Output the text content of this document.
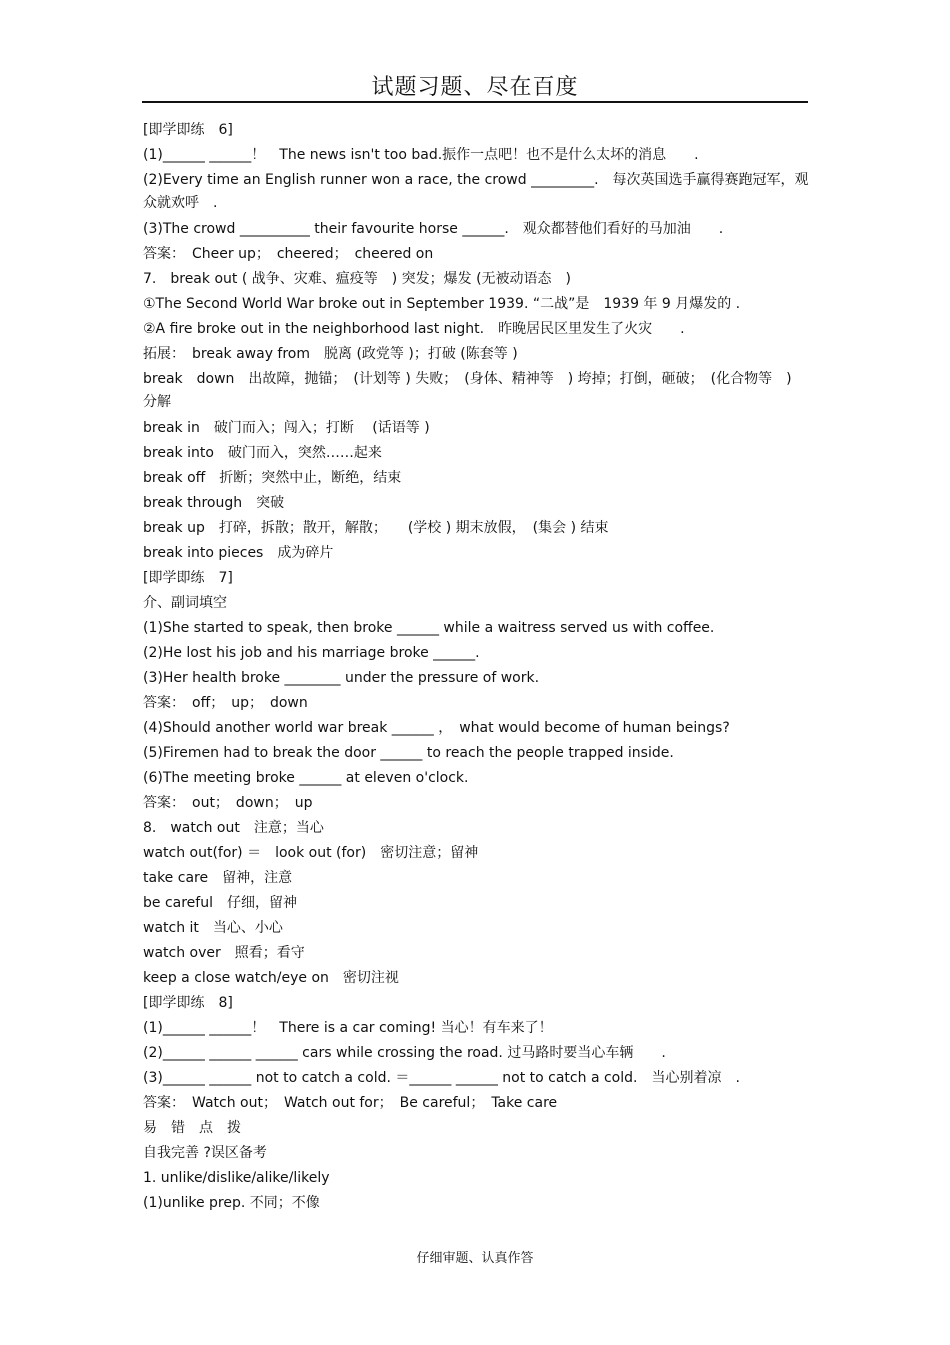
试题习题、尽在百度
[即学即练　6]
(1)______ ______！　The news isn't too bad.振作一点吧！也不是什么太坏的消息　　.
(2)Every time an English runner won a race, the crowd _________.　每次英国选手赢得赛跑冠军，观众就欢呼　.
(3)The crowd __________ their favourite horse ______.　观众都替他们看好的马加油　　.
答案：　Cheer up；　cheered；　cheered on
7.　break out ( 战争、灾难、瘟疫等　) 突发；爆发 (无被动语态　)
①The Second World War broke out in September 1939. “二战”是　1939 年 9 月爆发的 .
②A fire broke out in the neighborhood last night.　昨晚居民区里发生了火灾　　.
拓展：　break away from　脱离 (政党等 )；打破 (陈套等 )
break　down　出故障，抛锚；　(计划等 ) 失败；　(身体、精神等　) 垮掉；打倒，砸破；　(化合物等　) 分解
break in　破门而入；闯入；打断　 (话语等 )
break into　破门而入，突然……起来
break off　折断；突然中止，断绝，结束
break through　突破
break up　打碎，拆散；散开，解散；　　(学校 ) 期末放假，　(集会 ) 结束
break into pieces　成为碎片
[即学即练　7]
介、副词填空
(1)She started to speak, then broke ______ while a waitress served us with coffee.
(2)He lost his job and his marriage broke ______.
(3)Her health broke ________ under the pressure of work.
答案：　off；　up；　down
(4)Should another world war break ______ ，　what would become of human beings?
(5)Firemen had to break the door ______ to reach the people trapped inside.
(6)The meeting broke ______ at eleven o'clock.
答案：　out；　down；　up
8.　watch out　注意；当心
watch out(for) ＝　look out (for)　密切注意；留神
take care　留神，注意
be careful　仔细，留神
watch it　当心、小心
watch over　照看；看守
keep a close watch/eye on　密切注视
[即学即练　8]
(1)______ ______！　There is a car coming! 当心！有车来了！
(2)______ ______ ______ cars while crossing the road. 过马路时要当心车辆　　.
(3)______ ______ not to catch a cold. ＝______ ______ not to catch a cold.　当心别着凉　.
答案：　Watch out；　Watch out for；　Be careful；　Take care
易　错　点　拨
自我完善 ?误区备考
1. unlike/dislike/alike/likely
(1)unlike prep. 不同；不像
仔细审题、认真作答
